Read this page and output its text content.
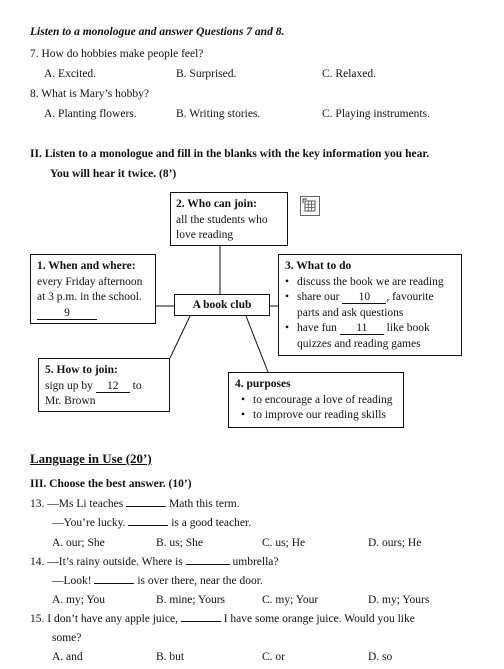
Listen to a monologue and answer Questions 7 and 8.
7. How do hobbies make people feel?
A. Excited.	B. Surprised.	C. Relaxed.
8. What is Mary’s hobby?
A. Planting flowers.	B. Writing stories.	C. Playing instruments.
II. Listen to a monologue and fill in the blanks with the key information you hear.
You will hear it twice. (8’)
2. Who can join:
all the students who
love reading
1. When and where:
every Friday afternoon
at 3 p.m. in the school.
9
A book club
3. What to do
• discuss the book we are reading
• share our 10 , favourite
parts and ask questions
• have fun 11 like book
quizzes and reading games
5. How to join:
sign up by 12 to
Mr. Brown
4. purposes
• to encourage a love of reading
• to improve our reading skills
Language in Use (20’)
III. Choose the best answer. (10’)
13. —Ms Li teaches	Math this term.
—You’re lucky.	is a good teacher.
A. our; She	B. us; She	C. us; He	D. ours; He
14. —It’s rainy outside. Where is	umbrella?
—Look!	is over there, near the door.
A. my; You	B. mine; Yours	C. my; Your	D. my; Yours
15. I don’t have any apple juice,	I have some orange juice. Would you like
some?
A. and	B. but	C. or	D. so
